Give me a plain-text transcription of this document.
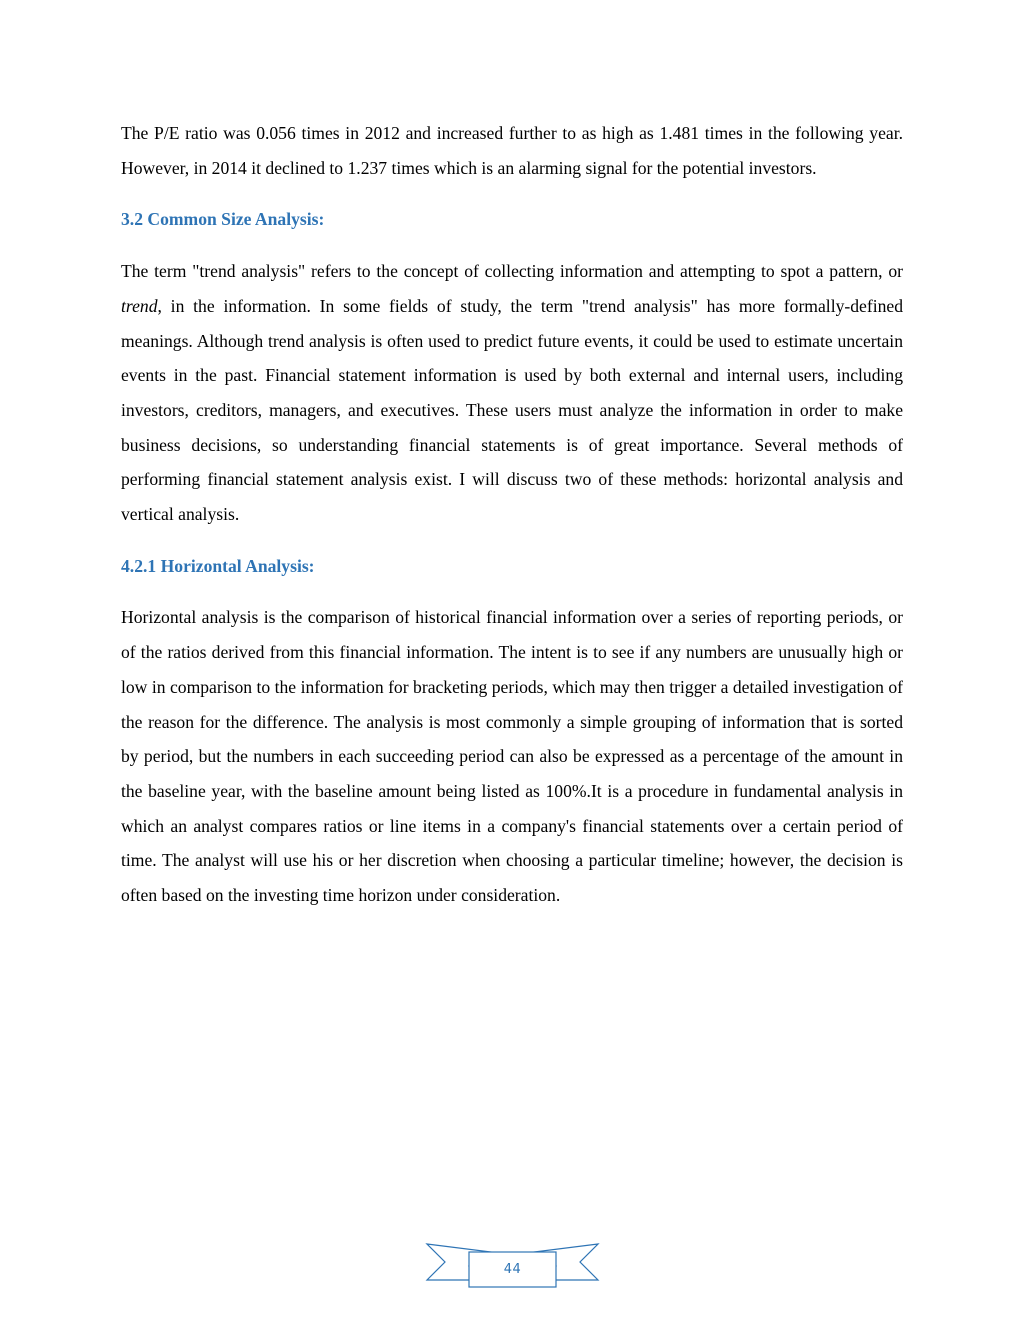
The P/E ratio was 0.056 times in 2012 and increased further to as high as 1.481 times in the following year. However, in 2014 it declined to 1.237 times which is an alarming signal for the potential investors.

3.2 Common Size Analysis:

The term "trend analysis" refers to the concept of collecting information and attempting to spot a pattern, or trend, in the information. In some fields of study, the term "trend analysis" has more formally-defined meanings. Although trend analysis is often used to predict future events, it could be used to estimate uncertain events in the past. Financial statement information is used by both external and internal users, including investors, creditors, managers, and executives. These users must analyze the information in order to make business decisions, so understanding financial statements is of great importance. Several methods of performing financial statement analysis exist. I will discuss two of these methods: horizontal analysis and vertical analysis.

4.2.1 Horizontal Analysis:

Horizontal analysis is the comparison of historical financial information over a series of reporting periods, or of the ratios derived from this financial information. The intent is to see if any numbers are unusually high or low in comparison to the information for bracketing periods, which may then trigger a detailed investigation of the reason for the difference. The analysis is most commonly a simple grouping of information that is sorted by period, but the numbers in each succeeding period can also be expressed as a percentage of the amount in the baseline year, with the baseline amount being listed as 100%.It is a procedure in fundamental analysis in which an analyst compares ratios or line items in a company's financial statements over a certain period of time. The analyst will use his or her discretion when choosing a particular timeline; however, the decision is often based on the investing time horizon under consideration.

44
